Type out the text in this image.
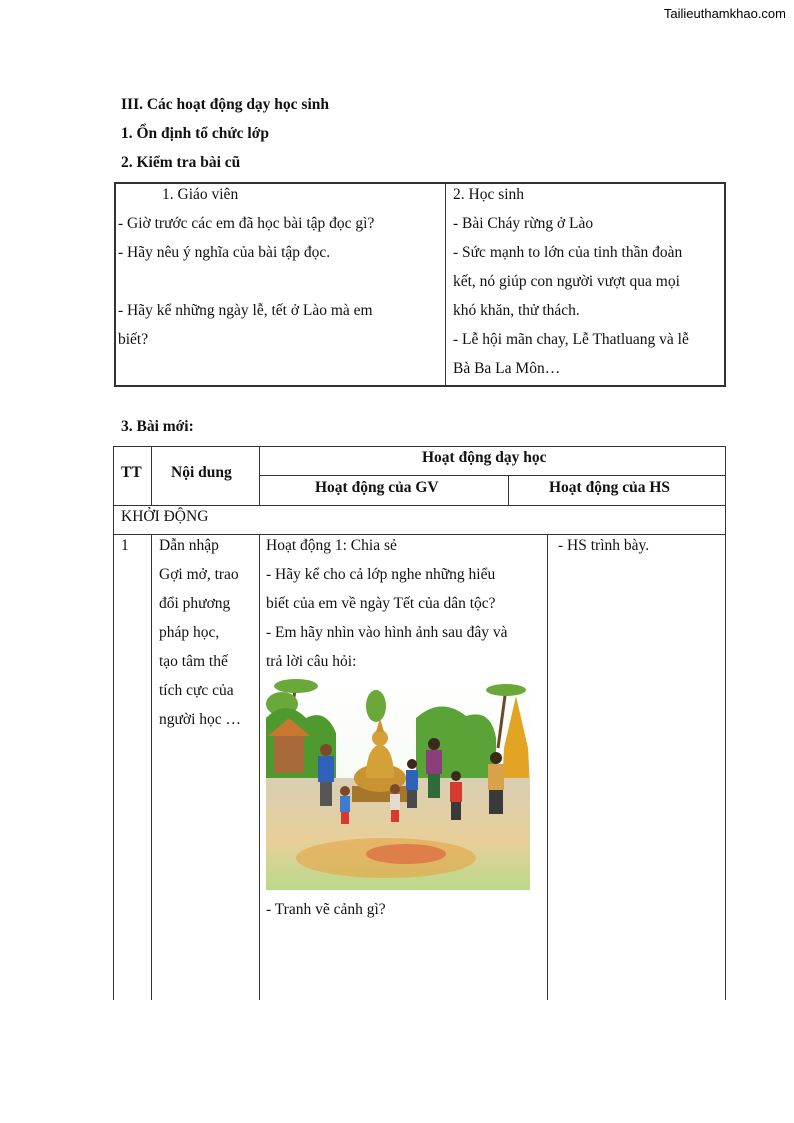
Tailieuthamkhao.com
III. Các hoạt động dạy học sinh
1. Ổn định tổ chức lớp
2. Kiểm tra bài cũ
1. Giáo viên
- Giờ trước các em đã học bài tập đọc gì?
- Hãy nêu ý nghĩa của bài tập đọc.
- Hãy kể những ngày lễ, tết ở Lào mà em
biết?
2. Học sinh
- Bài Cháy rừng ở Lào
- Sức mạnh to lớn của tinh thần đoàn
kết, nó giúp con người vượt qua mọi
khó khăn, thử thách.
- Lễ hội mãn chay, Lễ Thatluang và lễ
Bà Ba La Môn…
3. Bài mới:
TT Nội dung
Hoạt động dạy học
Hoạt động của GV	Hoạt động của HS
KHỞI ĐỘNG
1 Dẫn nhập
Gợi mở, trao
đổi phương
pháp học,
tạo tâm thế
tích cực của
người học …
Hoạt động 1: Chia sẻ
- Hãy kể cho cả lớp nghe những hiểu
biết của em về ngày Tết của dân tộc?
- Em hãy nhìn vào hình ảnh sau đây và
trả lời câu hỏi:
- Tranh vẽ cảnh gì?
- HS trình bày.
